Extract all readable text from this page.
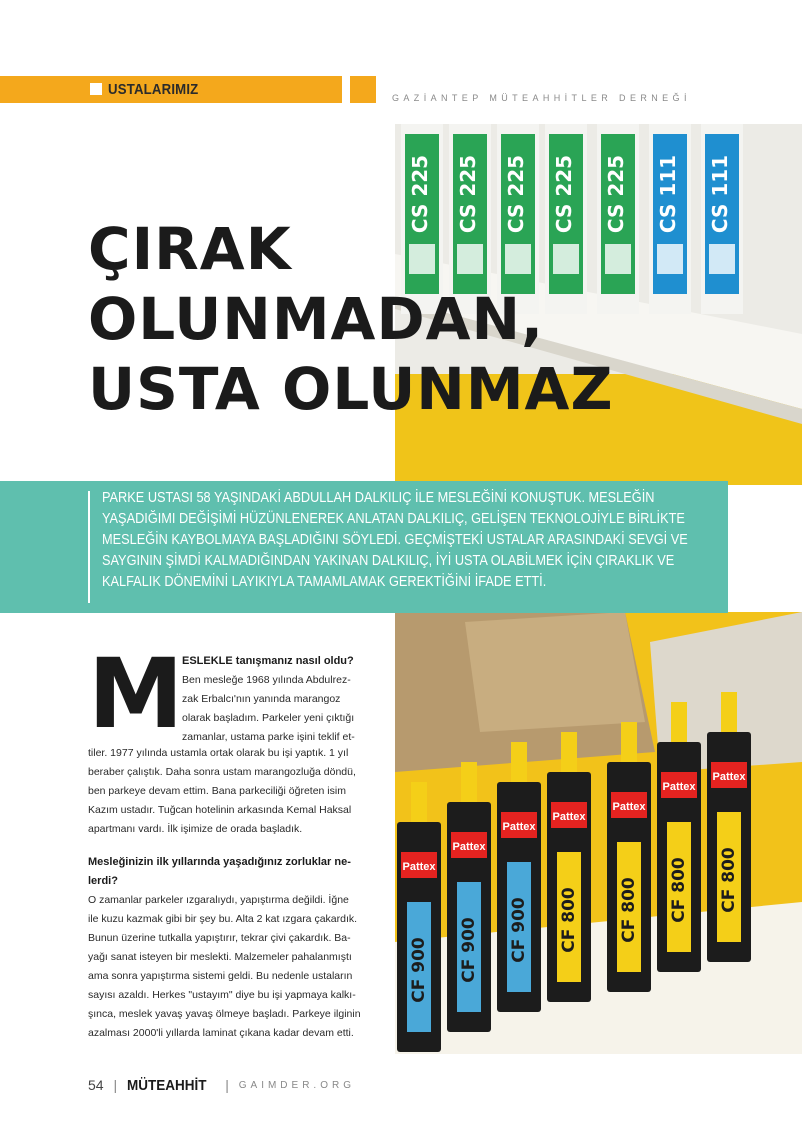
USTALARIMIZ	GAZİANTEP MÜTEAHHİTLER DERNEĞİ
CS 225 CS 225 CS 225 CS 225 CS 225 CS 111 CS 111
Pattex
CF 900
Pattex
CF 900
Pattex
CF 900
Pattex
CF 800
Pattex
CF 800
Pattex
CF 800
Pattex
CF 800
ÇIRAK
OLUNMADAN,
USTA OLUNMAZ

PARKE USTASI 58 YAŞINDAKİ ABDULLAH DALKILIÇ İLE MESLEĞİNİ KONUŞTUK. MESLEĞİN YAŞADIĞIMI DEĞİŞİMİ HÜZÜNLENEREK ANLATAN DALKILIÇ, GELİŞEN TEKNOLOJİYLE BİRLİKTE MESLEĞİN KAYBOLMAYA BAŞLADIĞINI SÖYLEDİ. GEÇMİŞTEKİ USTALAR ARASINDAKİ SEVGİ VE SAYGININ ŞİMDİ KALMADIĞINDAN YAKINAN DALKILIÇ, İYİ USTA OLABİLMEK İÇİN ÇIRAKLIK VE KALFALIK DÖNEMİNİ LAYIKIYLA TAMAMLAMAK GEREKTİĞİNİ İFADE ETTİ.

M
ESLEKLE tanışmanız nasıl oldu?
Ben mesleğe 1968 yılında Abdulrez-
zak Erbalcı'nın yanında marangoz
olarak başladım. Parkeler yeni çıktığı
zamanlar, ustama parke işini teklif et-
tiler. 1977 yılında ustamla ortak olarak bu işi yaptık. 1 yıl
beraber çalıştık. Daha sonra ustam marangozluğa döndü,
ben parkeye devam ettim. Bana parkeciliği öğreten isim
Kazım ustadır. Tuğcan hotelinin arkasında Kemal Haksal
apartmanı vardı. İlk işimize de orada başladık.
Mesleğinizin ilk yıllarında yaşadığınız zorluklar ne-
lerdi?
O zamanlar parkeler ızgaralıydı, yapıştırma değildi. İğne
ile kuzu kazmak gibi bir şey bu. Alta 2 kat ızgara çakardık.
Bunun üzerine tutkalla yapıştırır, tekrar çivi çakardık. Ba-
yağı sanat isteyen bir meslekti. Malzemeler pahalanmıştı
ama sonra yapıştırma sistemi geldi. Bu nedenle ustaların
sayısı azaldı. Herkes "ustayım" diye bu işi yapmaya kalkı-
şınca, meslek yavaş yavaş ölmeye başladı. Parkeye ilginin
azalması 2000'li yıllarda laminat çıkana kadar devam etti.
54 | MÜTEAHHİT | GAIMDER.ORG
